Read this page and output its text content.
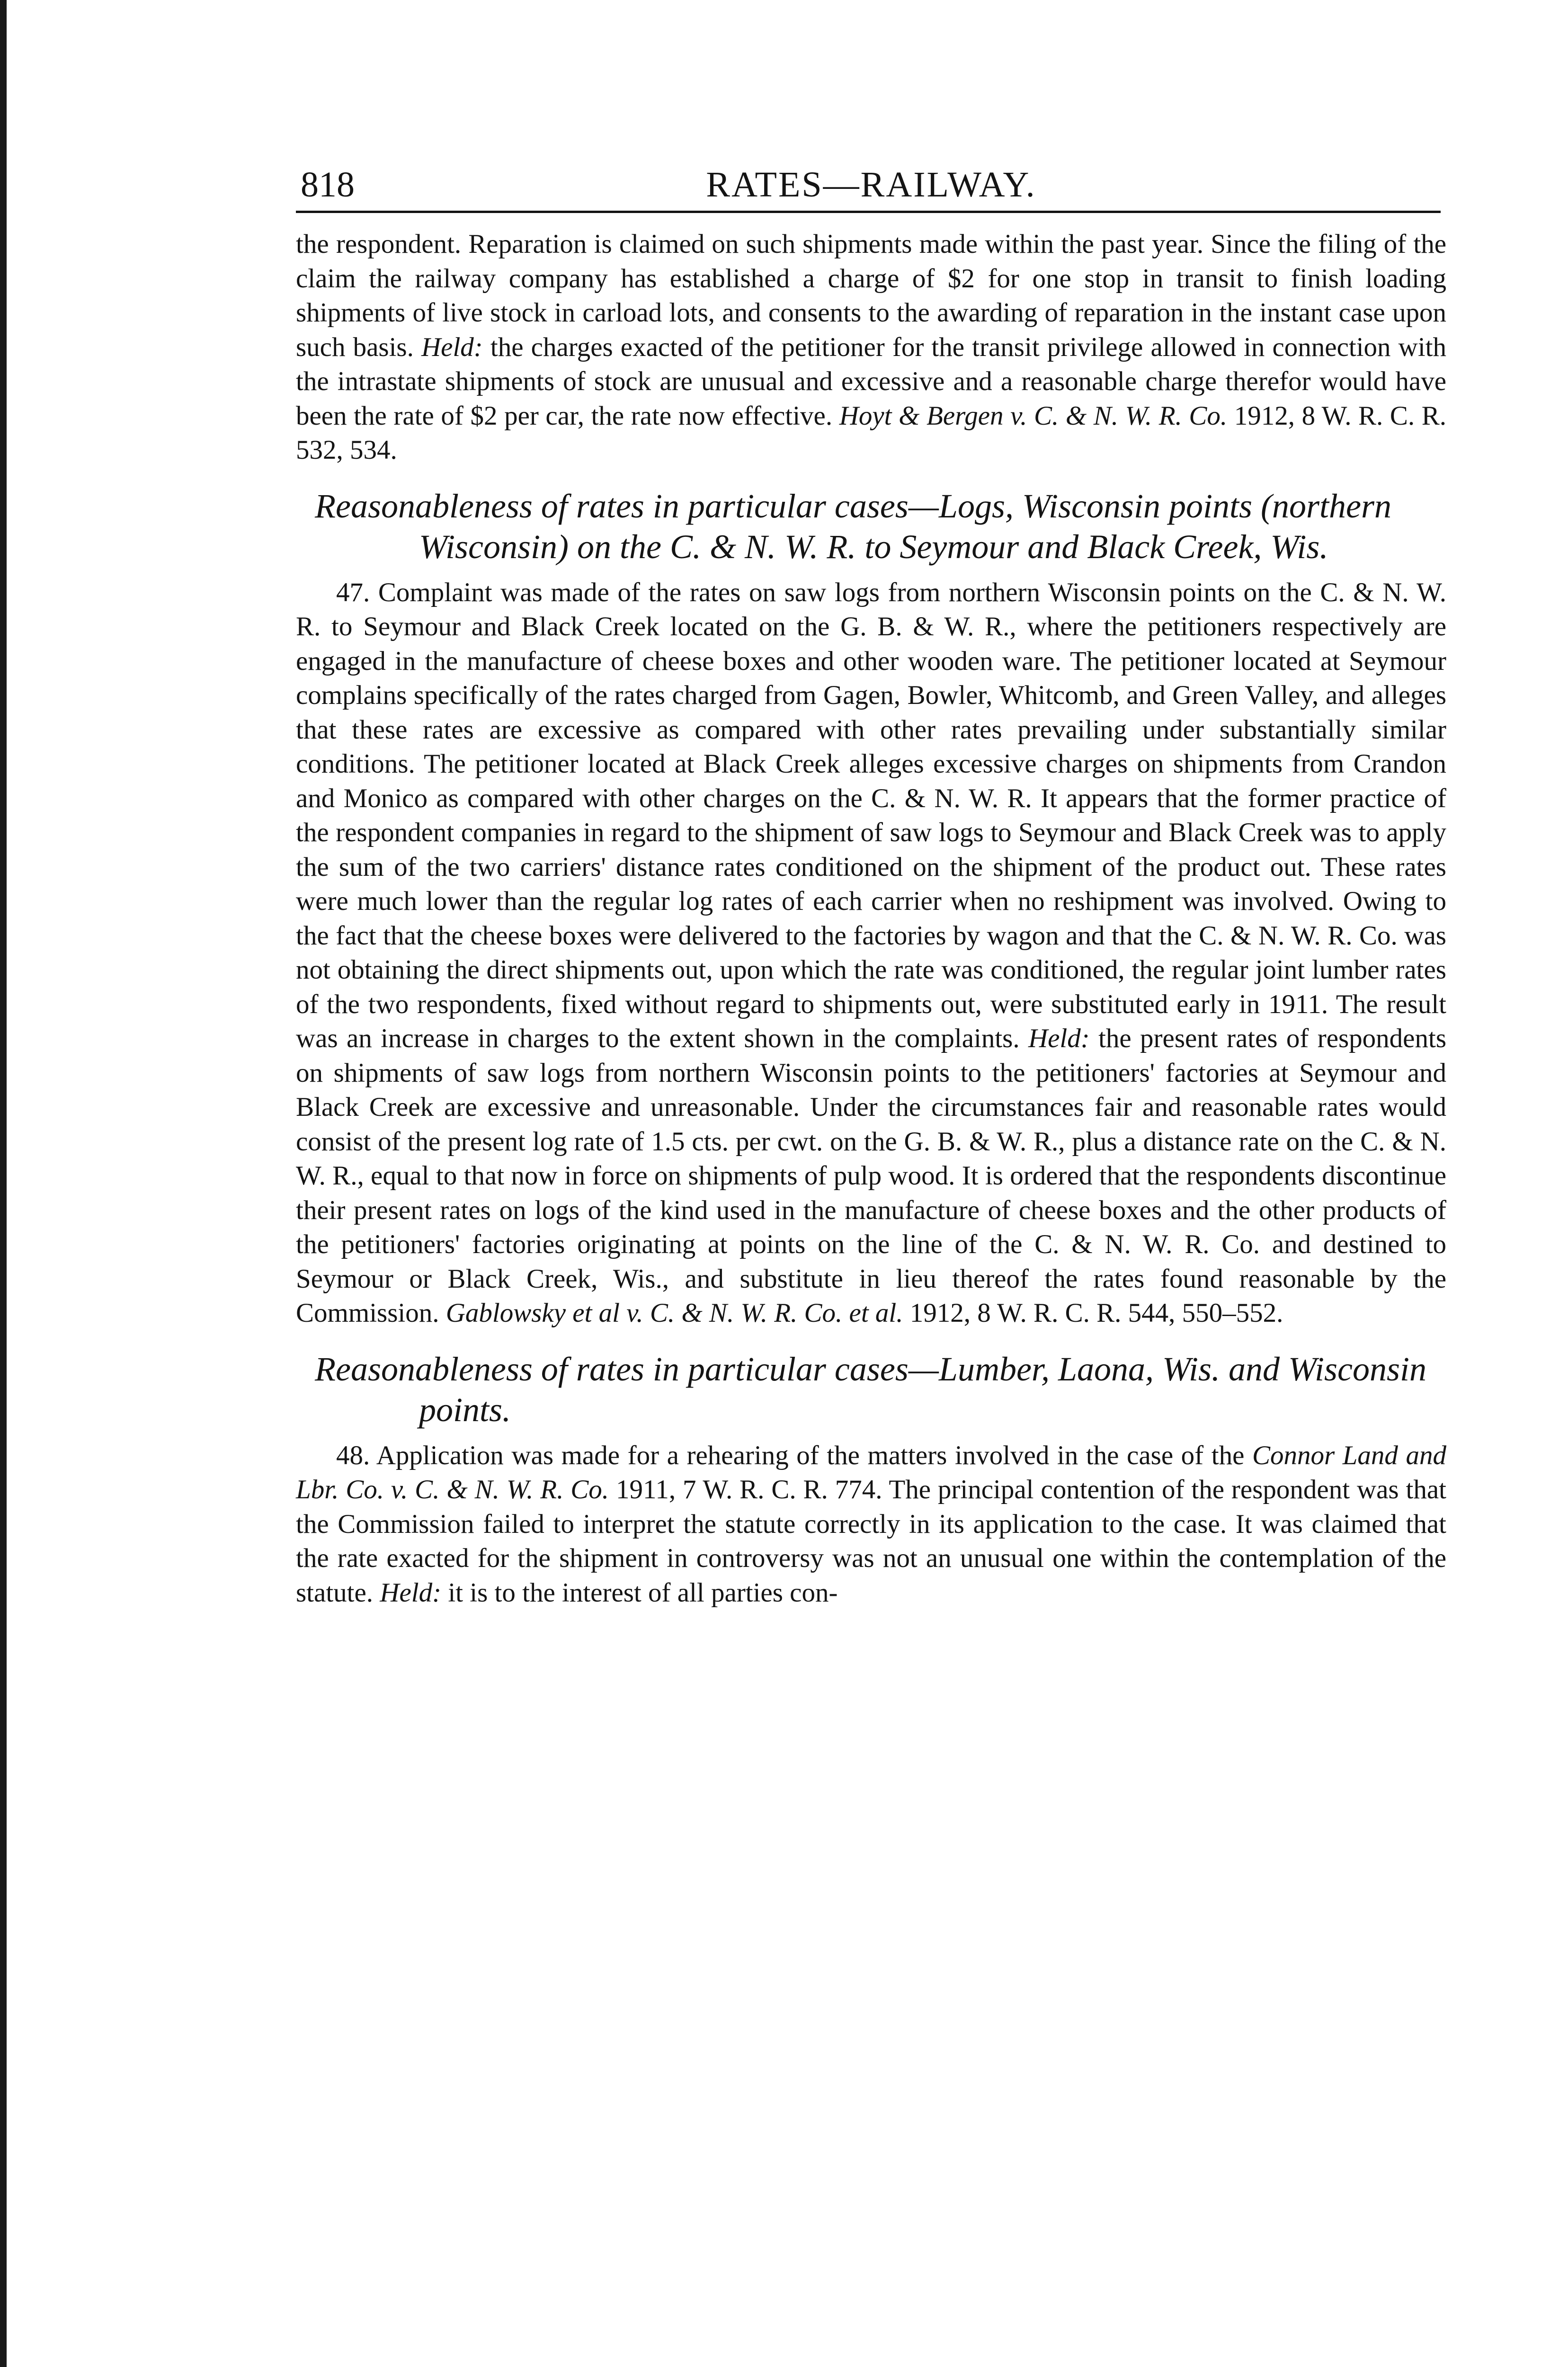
818	RATES—RAILWAY.

the respondent. Reparation is claimed on such shipments made within the past year. Since the filing of the claim the railway company has established a charge of $2 for one stop in transit to finish loading shipments of live stock in carload lots, and consents to the awarding of reparation in the instant case upon such basis. Held: the charges exacted of the petitioner for the transit privilege allowed in connection with the intrastate shipments of stock are unusual and excessive and a reasonable charge therefor would have been the rate of $2 per car, the rate now effective. Hoyt & Bergen v. C. & N. W. R. Co. 1912, 8 W. R. C. R. 532, 534.

Reasonableness of rates in particular cases—Logs, Wisconsin points (northern Wisconsin) on the C. & N. W. R. to Seymour and Black Creek, Wis.

47. Complaint was made of the rates on saw logs from northern Wisconsin points on the C. & N. W. R. to Seymour and Black Creek located on the G. B. & W. R., where the petitioners respectively are engaged in the manufacture of cheese boxes and other wooden ware. The petitioner located at Seymour complains specifically of the rates charged from Gagen, Bowler, Whitcomb, and Green Valley, and alleges that these rates are excessive as compared with other rates prevailing under substantially similar conditions. The petitioner located at Black Creek alleges excessive charges on shipments from Crandon and Monico as compared with other charges on the C. & N. W. R. It appears that the former practice of the respondent companies in regard to the shipment of saw logs to Seymour and Black Creek was to apply the sum of the two carriers' distance rates conditioned on the shipment of the product out. These rates were much lower than the regular log rates of each carrier when no reshipment was involved. Owing to the fact that the cheese boxes were delivered to the factories by wagon and that the C. & N. W. R. Co. was not obtaining the direct shipments out, upon which the rate was conditioned, the regular joint lumber rates of the two respondents, fixed without regard to shipments out, were substituted early in 1911. The result was an increase in charges to the extent shown in the complaints. Held: the present rates of respondents on shipments of saw logs from northern Wisconsin points to the petitioners' factories at Seymour and Black Creek are excessive and unreasonable. Under the circumstances fair and reasonable rates would consist of the present log rate of 1.5 cts. per cwt. on the G. B. & W. R., plus a distance rate on the C. & N. W. R., equal to that now in force on shipments of pulp wood. It is ordered that the respondents discontinue their present rates on logs of the kind used in the manufacture of cheese boxes and the other products of the petitioners' factories originating at points on the line of the C. & N. W. R. Co. and destined to Seymour or Black Creek, Wis., and substitute in lieu thereof the rates found reasonable by the Commission. Gablowsky et al v. C. & N. W. R. Co. et al. 1912, 8 W. R. C. R. 544, 550–552.

Reasonableness of rates in particular cases—Lumber, Laona, Wis. and Wisconsin points.

48. Application was made for a rehearing of the matters involved in the case of the Connor Land and Lbr. Co. v. C. & N. W. R. Co. 1911, 7 W. R. C. R. 774. The principal contention of the respondent was that the Commission failed to interpret the statute correctly in its application to the case. It was claimed that the rate exacted for the shipment in controversy was not an unusual one within the contemplation of the statute. Held: it is to the interest of all parties con-
